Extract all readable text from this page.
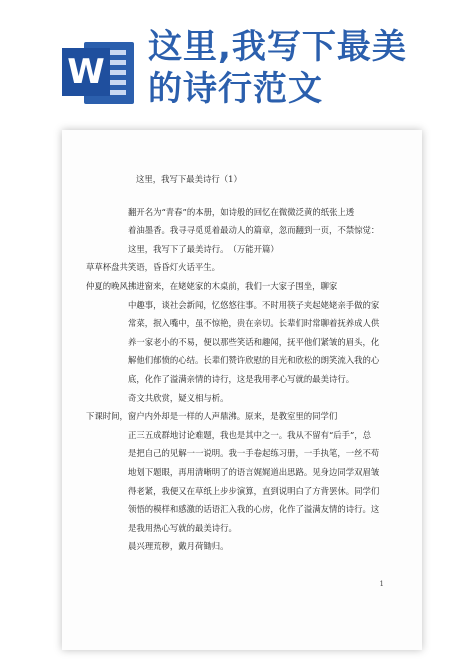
W
这里,我写下最美
的诗行范文

这里，我写下最美诗行（1）

翻开名为“青春”的本册，如诗般的回忆在微微泛黄的纸张上透

着油墨香。我寻寻觅觅着最动人的篇章，忽而翻到一页，不禁惊觉：

这里，我写下了最美诗行。　（万能开篇）

草草杯盘共笑语，昏昏灯火话平生。

仲夏的晚风拂进窗来，在姥姥家的木桌前，我们一大家子围坐，聊家

中趣事，谈社会新闻，忆悠悠往事。不时用筷子夹起姥姥亲手做的家

常菜，抿入嘴中，虽不惊艳，贵在亲切。长辈们时常聊着抚养成人供

养一家老小的不易，便以那些笑话和趣闻，抚平他们紧皱的眉头，化

解他们郁愤的心结。长辈们赞许欣慰的目光和欣松的朗笑流入我的心

底，化作了溢满亲情的诗行，这是我用孝心写就的最美诗行。

奇文共欣赏，疑义相与析。

下课时间，窗户内外却是一样的人声鼎沸。原来，是教室里的同学们

正三五成群地讨论难题，我也是其中之一。我从不留有“后手”，总

是把自己的见解一一说明。我一手卷起练习册，一手执笔，一丝不苟

地划下题眼，再用清晰明了的语言娓娓道出思路。见身边同学双眉皱

得老紧，我便又在草纸上步步演算，直到说明白了方背罢休。同学们

领悟的模样和感激的话语汇入我的心房，化作了溢满友情的诗行。这

是我用热心写就的最美诗行。

晨兴理荒秽，戴月荷锄归。

1
